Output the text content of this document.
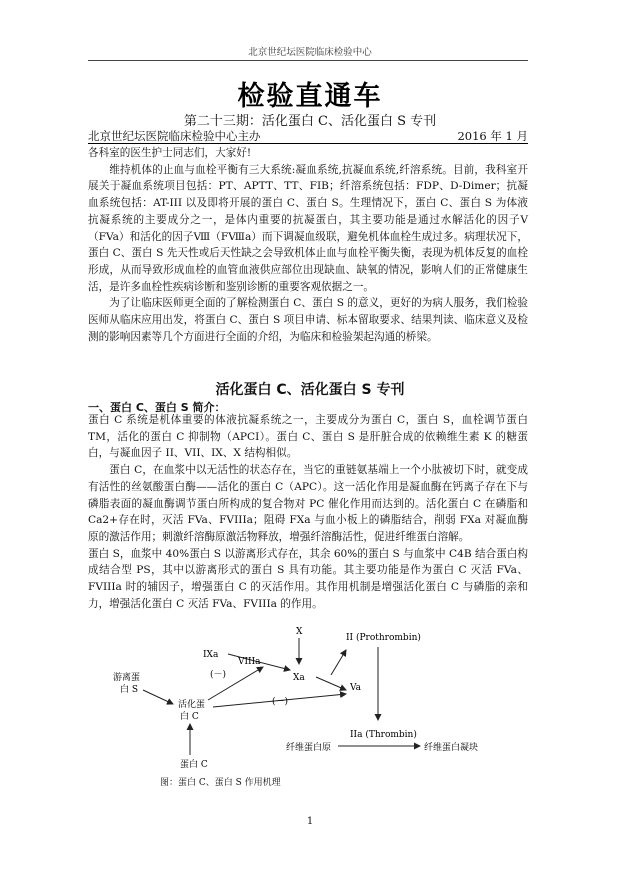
北京世纪坛医院临床检验中心
检验直通车
第二十三期：活化蛋白 C、活化蛋白 S 专刊
北京世纪坛医院临床检验中心主办	2016 年 1 月

各科室的医生护士同志们，大家好!

维持机体的止血与血栓平衡有三大系统:凝血系统,抗凝血系统,纤溶系统。目前，我科室开展关于凝血系统项目包括：PT、APTT、TT、FIB；纤溶系统包括：FDP、D-Dimer；抗凝血系统包括：AT-III 以及即将开展的蛋白 C、蛋白 S。生理情况下，蛋白 C、蛋白 S 为体液抗凝系统的主要成分之一，是体内重要的抗凝蛋白，其主要功能是通过水解活化的因子Ⅴ（FVa）和活化的因子Ⅷ（FⅧa）而下调凝血级联，避免机体血栓生成过多。病理状况下，蛋白 C、蛋白 S 先天性或后天性缺之会导致机体止血与血栓平衡失衡，表现为机体反复的血栓形成，从而导致形成血栓的血管血液供应部位出现缺血、缺氧的情况，影响人们的正常健康生活，是许多血栓性疾病诊断和鉴别诊断的重要客观依据之一。

为了让临床医师更全面的了解检测蛋白 C、蛋白 S 的意义，更好的为病人服务，我们检验医师从临床应用出发，将蛋白 C、蛋白 S 项目申请、标本留取要求、结果判读、临床意义及检测的影响因素等几个方面进行全面的介绍，为临床和检验架起沟通的桥梁。

活化蛋白 C、活化蛋白 S 专刊
一、蛋白 C、蛋白 S 简介：

蛋白 C 系统是机体重要的体液抗凝系统之一，主要成分为蛋白 C，蛋白 S，血栓调节蛋白 TM，活化的蛋白 C 抑制物（APCI）。蛋白 C、蛋白 S 是肝脏合成的依赖维生素 K 的糖蛋白，与凝血因子 II、VII、IX、X 结构相似。

蛋白 C，在血浆中以无活性的状态存在，当它的重链氨基端上一个小肽被切下时，就变成有活性的丝氨酸蛋白酶——活化的蛋白 C（APC）。这一活化作用是凝血酶在钙离子存在下与磷脂表面的凝血酶调节蛋白所构成的复合物对 PC 催化作用而达到的。活化蛋白 C 在磷脂和 Ca2+存在时，灭活 FVa、FVIIIa；阻碍 FXa 与血小板上的磷脂结合，削弱 FXa 对凝血酶原的激活作用；刺激纤溶酶原激活物释放，增强纤溶酶活性，促进纤维蛋白溶解。

蛋白 S，血浆中 40%蛋白 S 以游离形式存在，其余 60%的蛋白 S 与血浆中 C4B 结合蛋白构成结合型 PS，其中以游离形式的蛋白 S 具有功能。其主要功能是作为蛋白 C 灭活 FVa、FVIIIa 时的辅因子，增强蛋白 C 的灭活作用。其作用机制是增强活化蛋白 C 与磷脂的亲和力，增强活化蛋白 C 灭活 FVa、FVIIIa 的作用。

X
IXa
VIIIa
Xa
Va
II (Prothrombin)
IIa (Thrombin)
游离蛋
白 S
活化蛋
白 C
(－)
(－)
蛋白 C
纤维蛋白原	纤维蛋白凝块
图：蛋白 C、蛋白 S 作用机理
1
